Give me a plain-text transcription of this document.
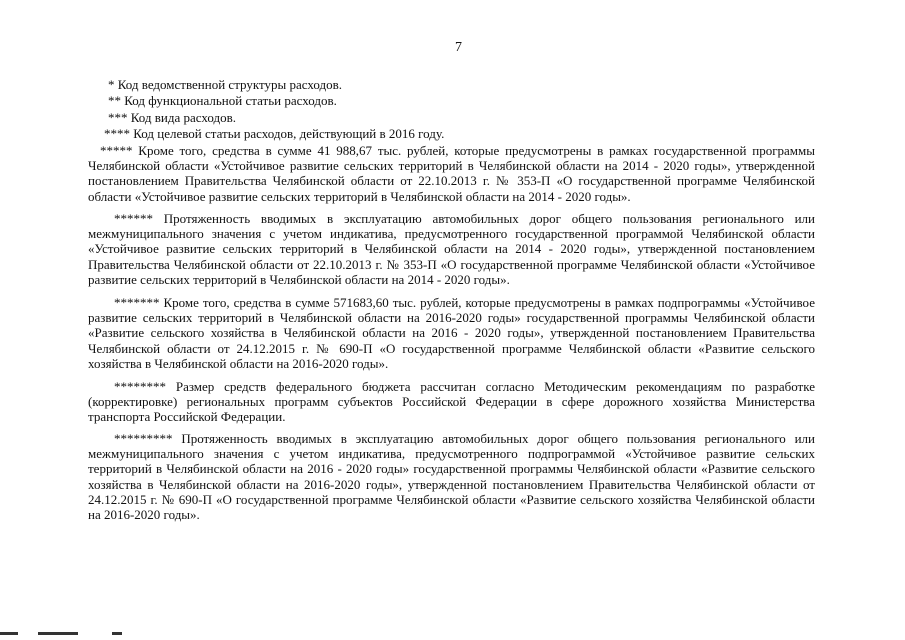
7
* Код ведомственной структуры расходов.
** Код функциональной статьи расходов.
*** Код вида расходов.
**** Код целевой статьи расходов, действующий в 2016 году.
***** Кроме того, средства в сумме 41 988,67 тыс. рублей, которые предусмотрены в рамках государственной программы Челябинской области «Устойчивое развитие сельских территорий в Челябинской области на 2014 - 2020 годы», утвержденной постановлением Правительства Челябинской области от 22.10.2013 г. № 353-П «О государственной программе Челябинской области «Устойчивое развитие сельских территорий в Челябинской области на 2014 - 2020 годы».
****** Протяженность вводимых в эксплуатацию автомобильных дорог общего пользования регионального или межмуниципального значения с учетом индикатива, предусмотренного государственной программой Челябинской области «Устойчивое развитие сельских территорий в Челябинской области на 2014 - 2020 годы», утвержденной постановлением Правительства Челябинской области от 22.10.2013 г. № 353-П «О государственной программе Челябинской области «Устойчивое развитие сельских территорий в Челябинской области на 2014 - 2020 годы».
******* Кроме того, средства в сумме 571683,60 тыс. рублей, которые предусмотрены в рамках подпрограммы «Устойчивое развитие сельских территорий в Челябинской области на 2016-2020 годы» государственной программы Челябинской области «Развитие сельского хозяйства в Челябинской области на 2016 - 2020 годы», утвержденной постановлением Правительства Челябинской области от 24.12.2015 г. № 690-П «О государственной программе Челябинской области «Развитие сельского хозяйства в Челябинской области на 2016-2020 годы».
******** Размер средств федерального бюджета рассчитан согласно Методическим рекомендациям по разработке (корректировке) региональных программ субъектов Российской Федерации в сфере дорожного хозяйства Министерства транспорта Российской Федерации.
********* Протяженность вводимых в эксплуатацию автомобильных дорог общего пользования регионального или межмуниципального значения с учетом индикатива, предусмотренного подпрограммой «Устойчивое развитие сельских территорий в Челябинской области на 2016 - 2020 годы» государственной программы Челябинской области «Развитие сельского хозяйства в Челябинской области на 2016-2020 годы», утвержденной постановлением Правительства Челябинской области от 24.12.2015 г. № 690-П «О государственной программе Челябинской области «Развитие сельского хозяйства Челябинской области на 2016-2020 годы».
